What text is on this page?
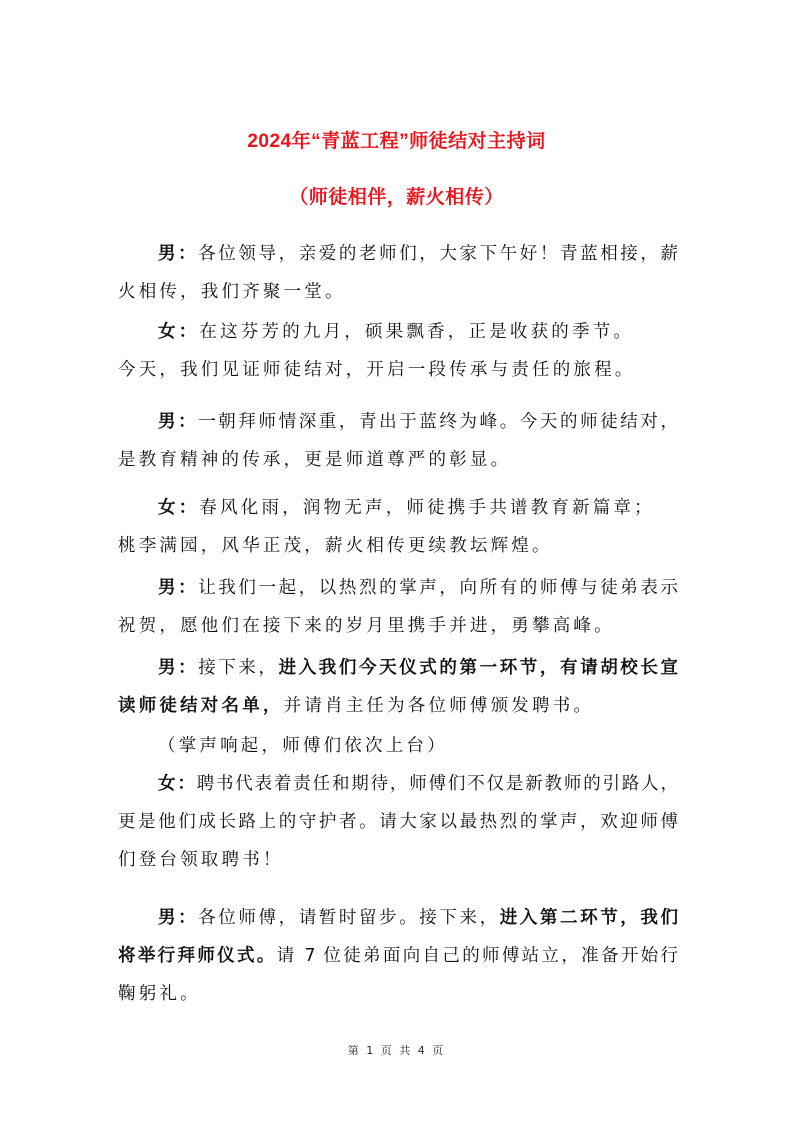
2024年“青蓝工程”师徒结对主持词
（师徒相伴，薪火相传）
男：各位领导，亲爱的老师们，大家下午好！青蓝相接，薪
火相传，我们齐聚一堂。
女：在这芬芳的九月，硕果飘香，正是收获的季节。
今天，我们见证师徒结对，开启一段传承与责任的旅程。
男：一朝拜师情深重，青出于蓝终为峰。今天的师徒结对，
是教育精神的传承，更是师道尊严的彰显。
女：春风化雨，润物无声，师徒携手共谱教育新篇章；
桃李满园，风华正茂，薪火相传更续教坛辉煌。
男：让我们一起，以热烈的掌声，向所有的师傅与徒弟表示
祝贺，愿他们在接下来的岁月里携手并进，勇攀高峰。
男：接下来，进入我们今天仪式的第一环节，有请胡校长宣
读师徒结对名单，并请肖主任为各位师傅颁发聘书。
（掌声响起，师傅们依次上台）
女：聘书代表着责任和期待，师傅们不仅是新教师的引路人，
更是他们成长路上的守护者。请大家以最热烈的掌声，欢迎师傅
们登台领取聘书！
男：各位师傅，请暂时留步。接下来，进入第二环节，我们
将举行拜师仪式。请 7 位徒弟面向自己的师傅站立，准备开始行
鞠躬礼。
第 1 页 共 4 页
